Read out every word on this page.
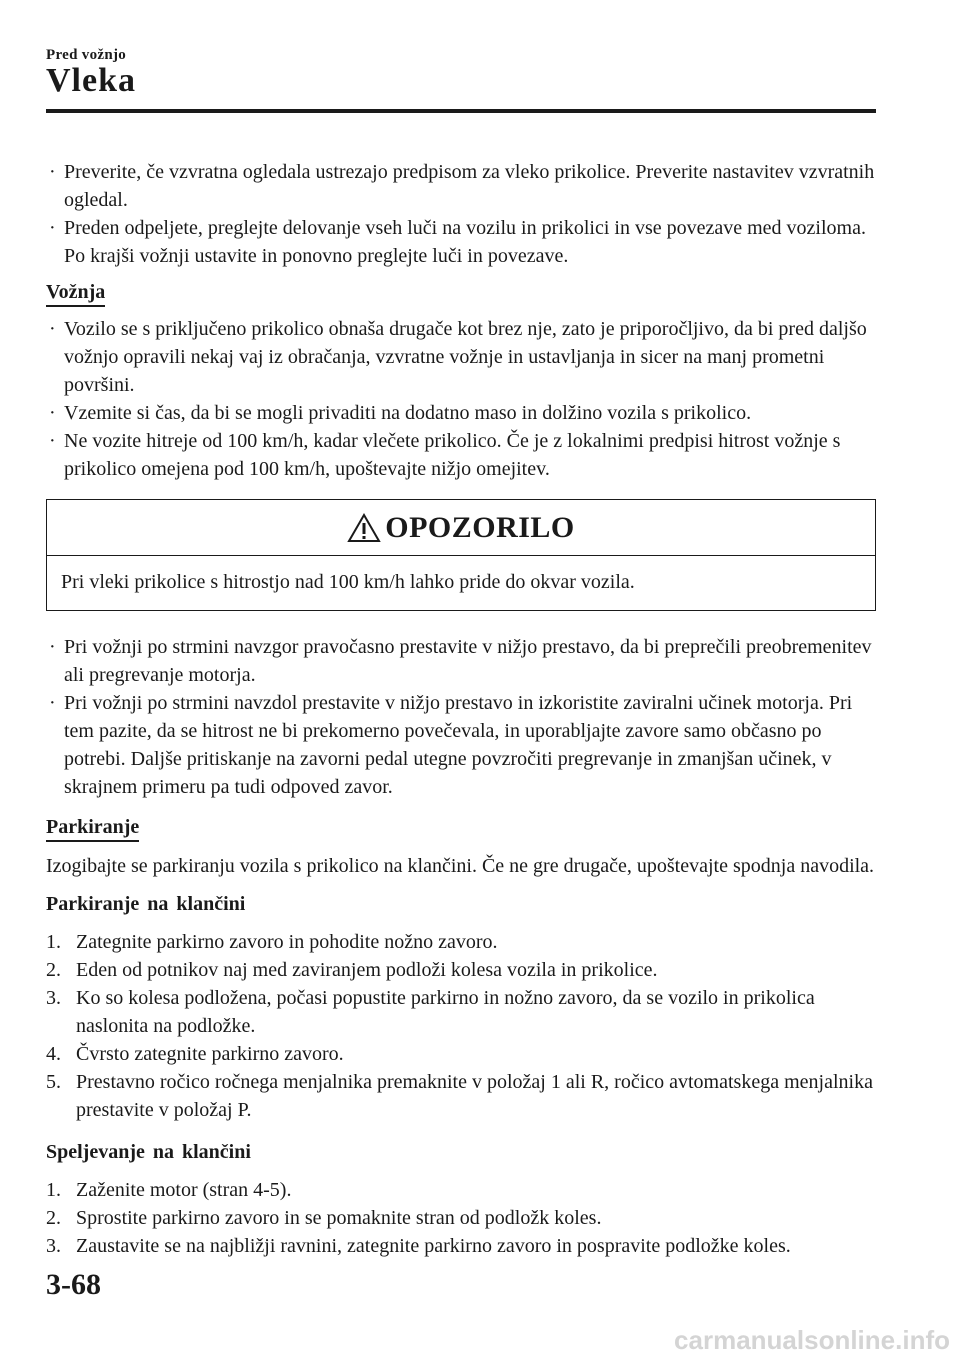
Pred vožnjo
Vleka
· Preverite, če vzvratna ogledala ustrezajo predpisom za vleko prikolice. Preverite nastavitev vzvratnih ogledal.
· Preden odpeljete, preglejte delovanje vseh luči na vozilu in prikolici in vse povezave med voziloma. Po krajši vožnji ustavite in ponovno preglejte luči in povezave.
Vožnja
· Vozilo se s priključeno prikolico obnaša drugače kot brez nje, zato je priporočljivo, da bi pred daljšo vožnjo opravili nekaj vaj iz obračanja, vzvratne vožnje in ustavljanja in sicer na manj prometni površini.
· Vzemite si čas, da bi se mogli privaditi na dodatno maso in dolžino vozila s prikolico.
· Ne vozite hitreje od 100 km/h, kadar vlečete prikolico. Če je z lokalnimi predpisi hitrost vožnje s prikolico omejena pod 100 km/h, upoštevajte nižjo omejitev.
OPOZORILO
Pri vleki prikolice s hitrostjo nad 100 km/h lahko pride do okvar vozila.
· Pri vožnji po strmini navzgor pravočasno prestavite v nižjo prestavo, da bi preprečili preobremenitev ali pregrevanje motorja.
· Pri vožnji po strmini navzdol prestavite v nižjo prestavo in izkoristite zaviralni učinek motorja. Pri tem pazite, da se hitrost ne bi prekomerno povečevala, in uporabljajte zavore samo občasno po potrebi. Daljše pritiskanje na zavorni pedal utegne povzročiti pregrevanje in zmanjšan učinek, v skrajnem primeru pa tudi odpoved zavor.
Parkiranje
Izogibajte se parkiranju vozila s prikolico na klančini. Če ne gre drugače, upoštevajte spodnja navodila.
Parkiranje na klančini
1. Zategnite parkirno zavoro in pohodite nožno zavoro.
2. Eden od potnikov naj med zaviranjem podloži kolesa vozila in prikolice.
3. Ko so kolesa podložena, počasi popustite parkirno in nožno zavoro, da se vozilo in prikolica naslonita na podložke.
4. Čvrsto zategnite parkirno zavoro.
5. Prestavno ročico ročnega menjalnika premaknite v položaj 1 ali R, ročico avtomatskega menjalnika prestavite v položaj P.
Speljevanje na klančini
1. Zaženite motor (stran 4-5).
2. Sprostite parkirno zavoro in se pomaknite stran od podložk koles.
3. Zaustavite se na najbližji ravnini, zategnite parkirno zavoro in pospravite podložke koles.
3-68
carmanualsonline.info
